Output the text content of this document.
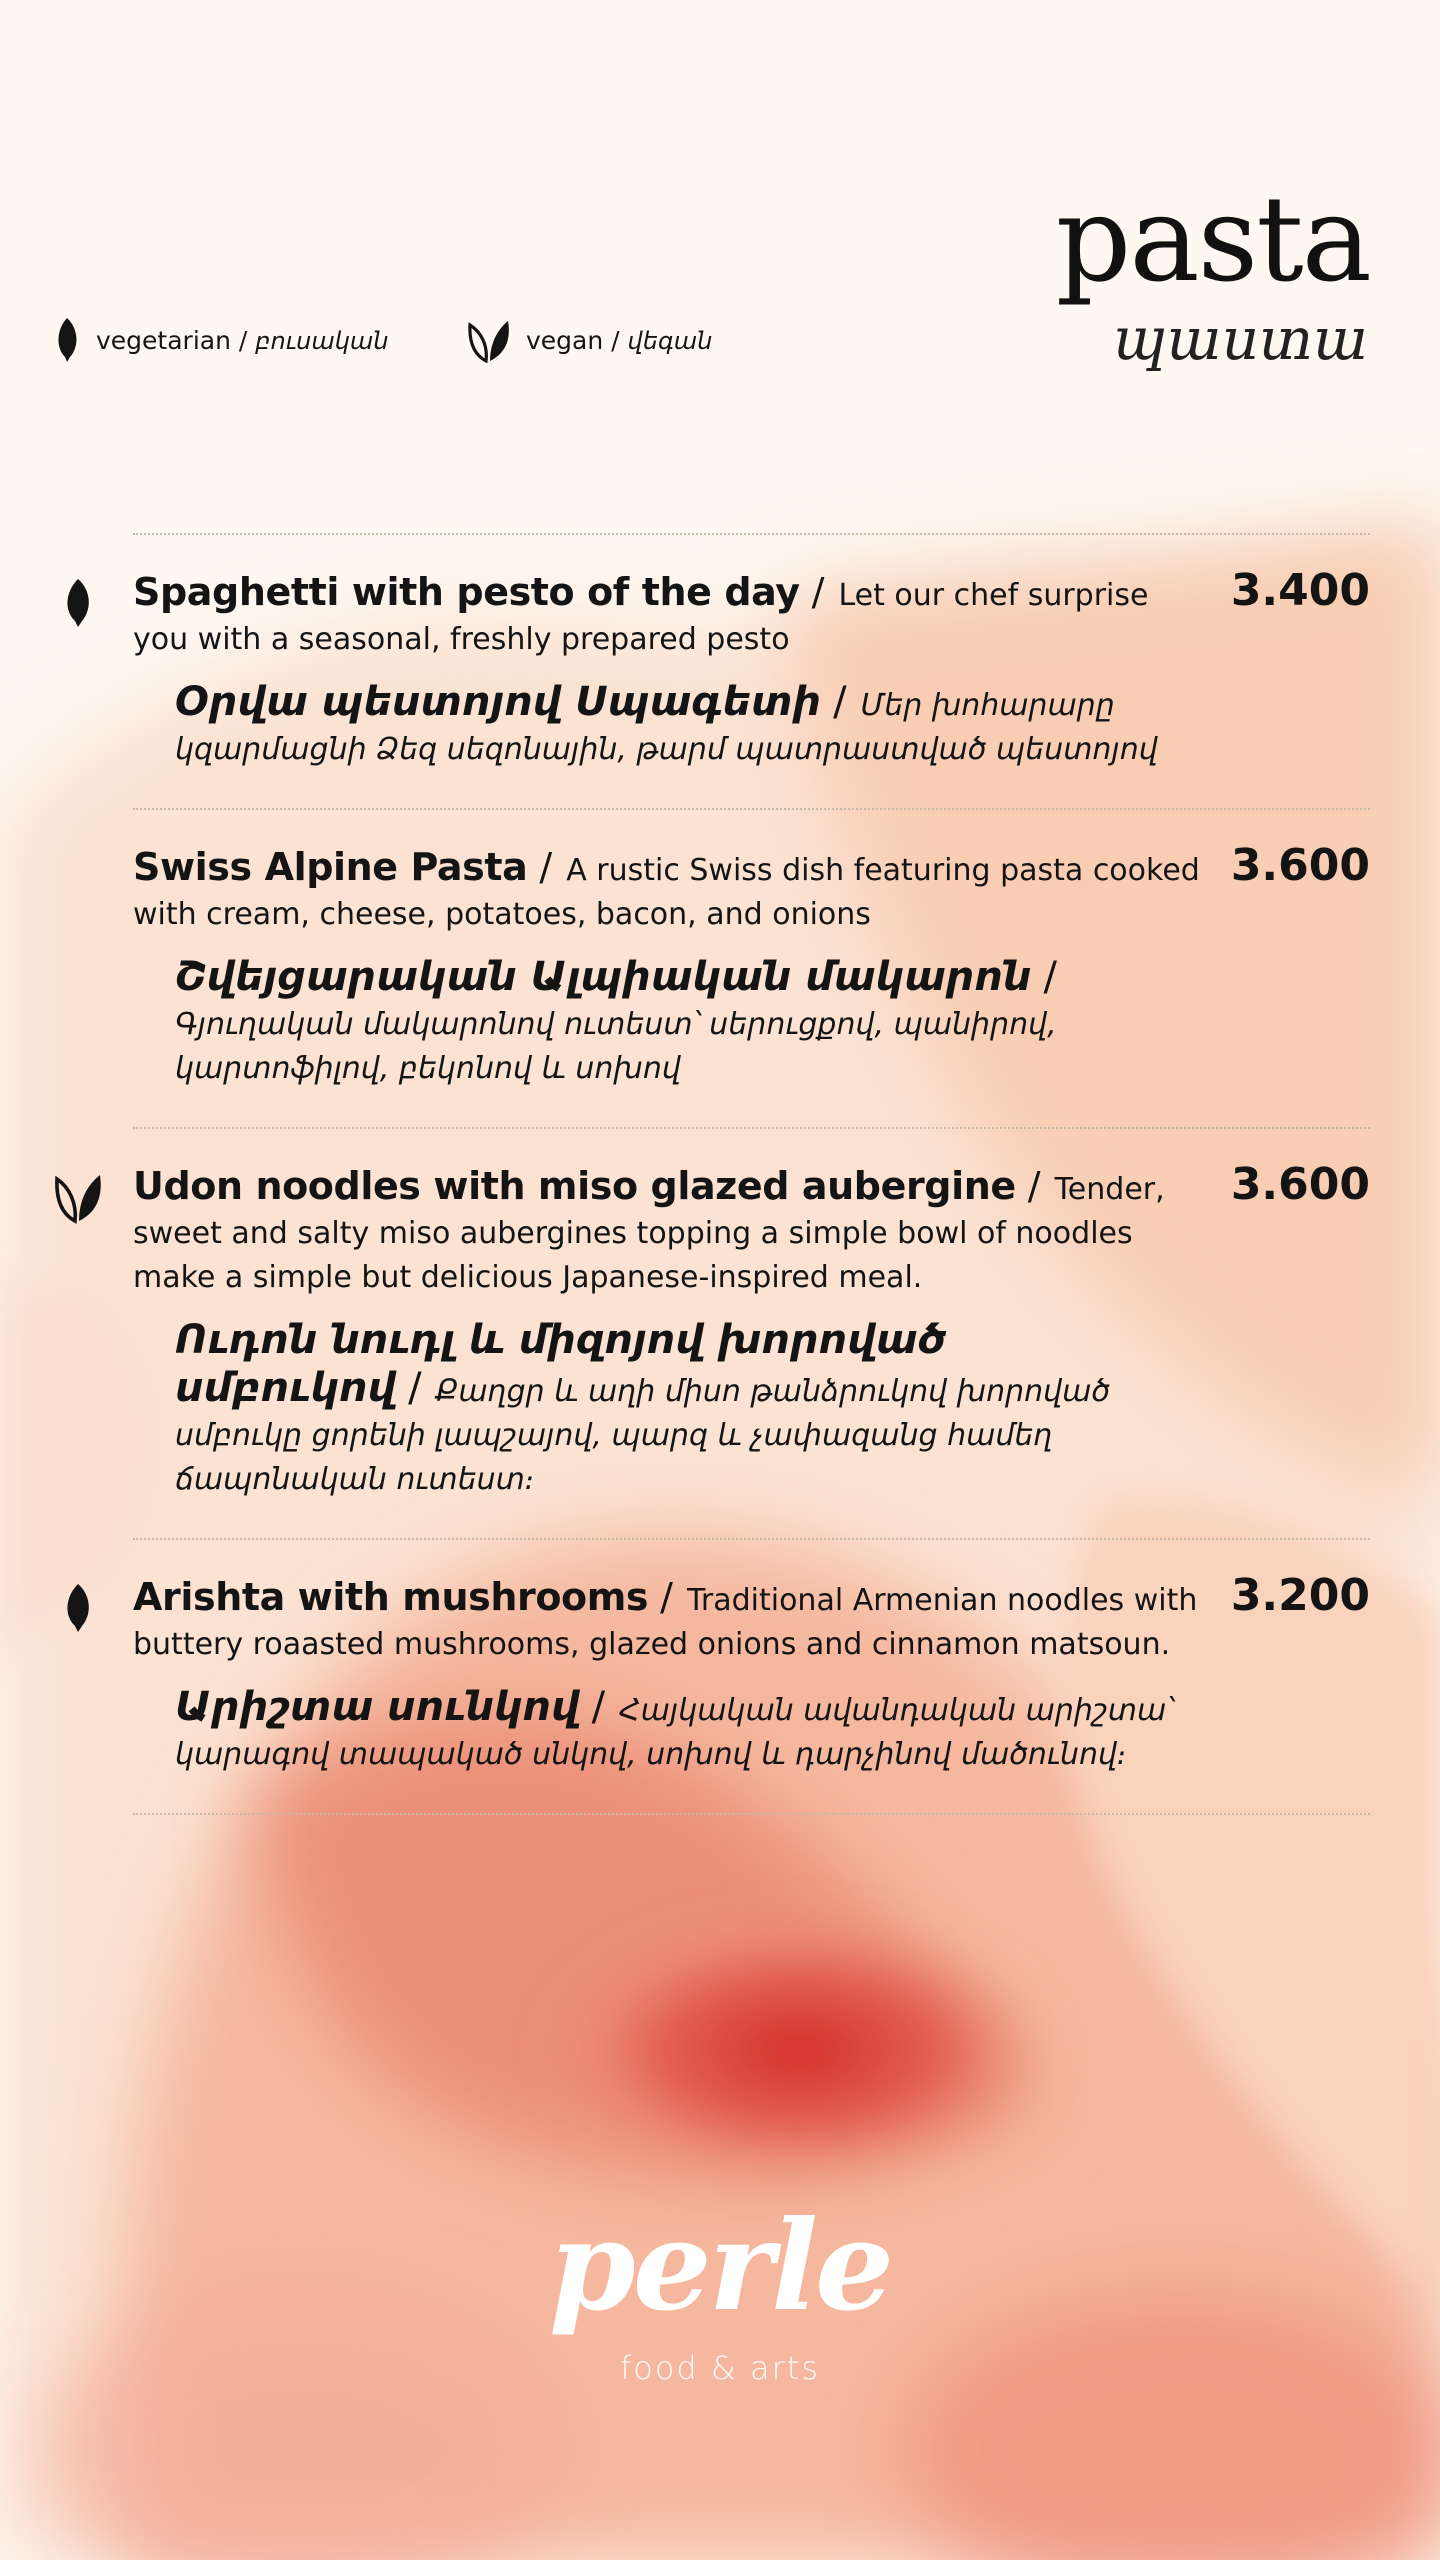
pasta
պաստա
vegetarian / բուսական	vegan / վեգան
Spaghetti with pesto of the day / Let our chef surprise you with a seasonal, freshly prepared pesto
3.400
Օրվա պեստոյով Սպագետի / Մեր խոհարարը կզարմացնի Ձեզ սեզոնային, թարմ պատրաստված պեստոյով
Swiss Alpine Pasta / A rustic Swiss dish featuring pasta cooked with cream, cheese, potatoes, bacon, and onions
3.600
Շվեյցարական Ալպիական մակարոն /Գյուղական մակարոնով ուտեստ՝ սերուցքով, պանիրով, կարտոֆիլով, բեկոնով և սոխով
Udon noodles with miso glazed aubergine / Tender, sweet and salty miso aubergines topping a simple bowl of noodles make a simple but delicious Japanese-inspired meal.
3.600
Ուդոն նուդլ և միզոյով խորոված սմբուկով / Քաղցր և աղի միսո թանձրուկով խորոված սմբուկը ցորենի լապշայով, պարզ և չափազանց համեղ ճապոնական ուտեստ։
Arishta with mushrooms / Traditional Armenian noodles with buttery roaasted mushrooms, glazed onions and cinnamon matsoun.
3.200
Արիշտա սունկով / Հայկական ավանդական արիշտա՝ կարագով տապակած սնկով, սոխով և դարչինով մածունով։
perle
food & arts
